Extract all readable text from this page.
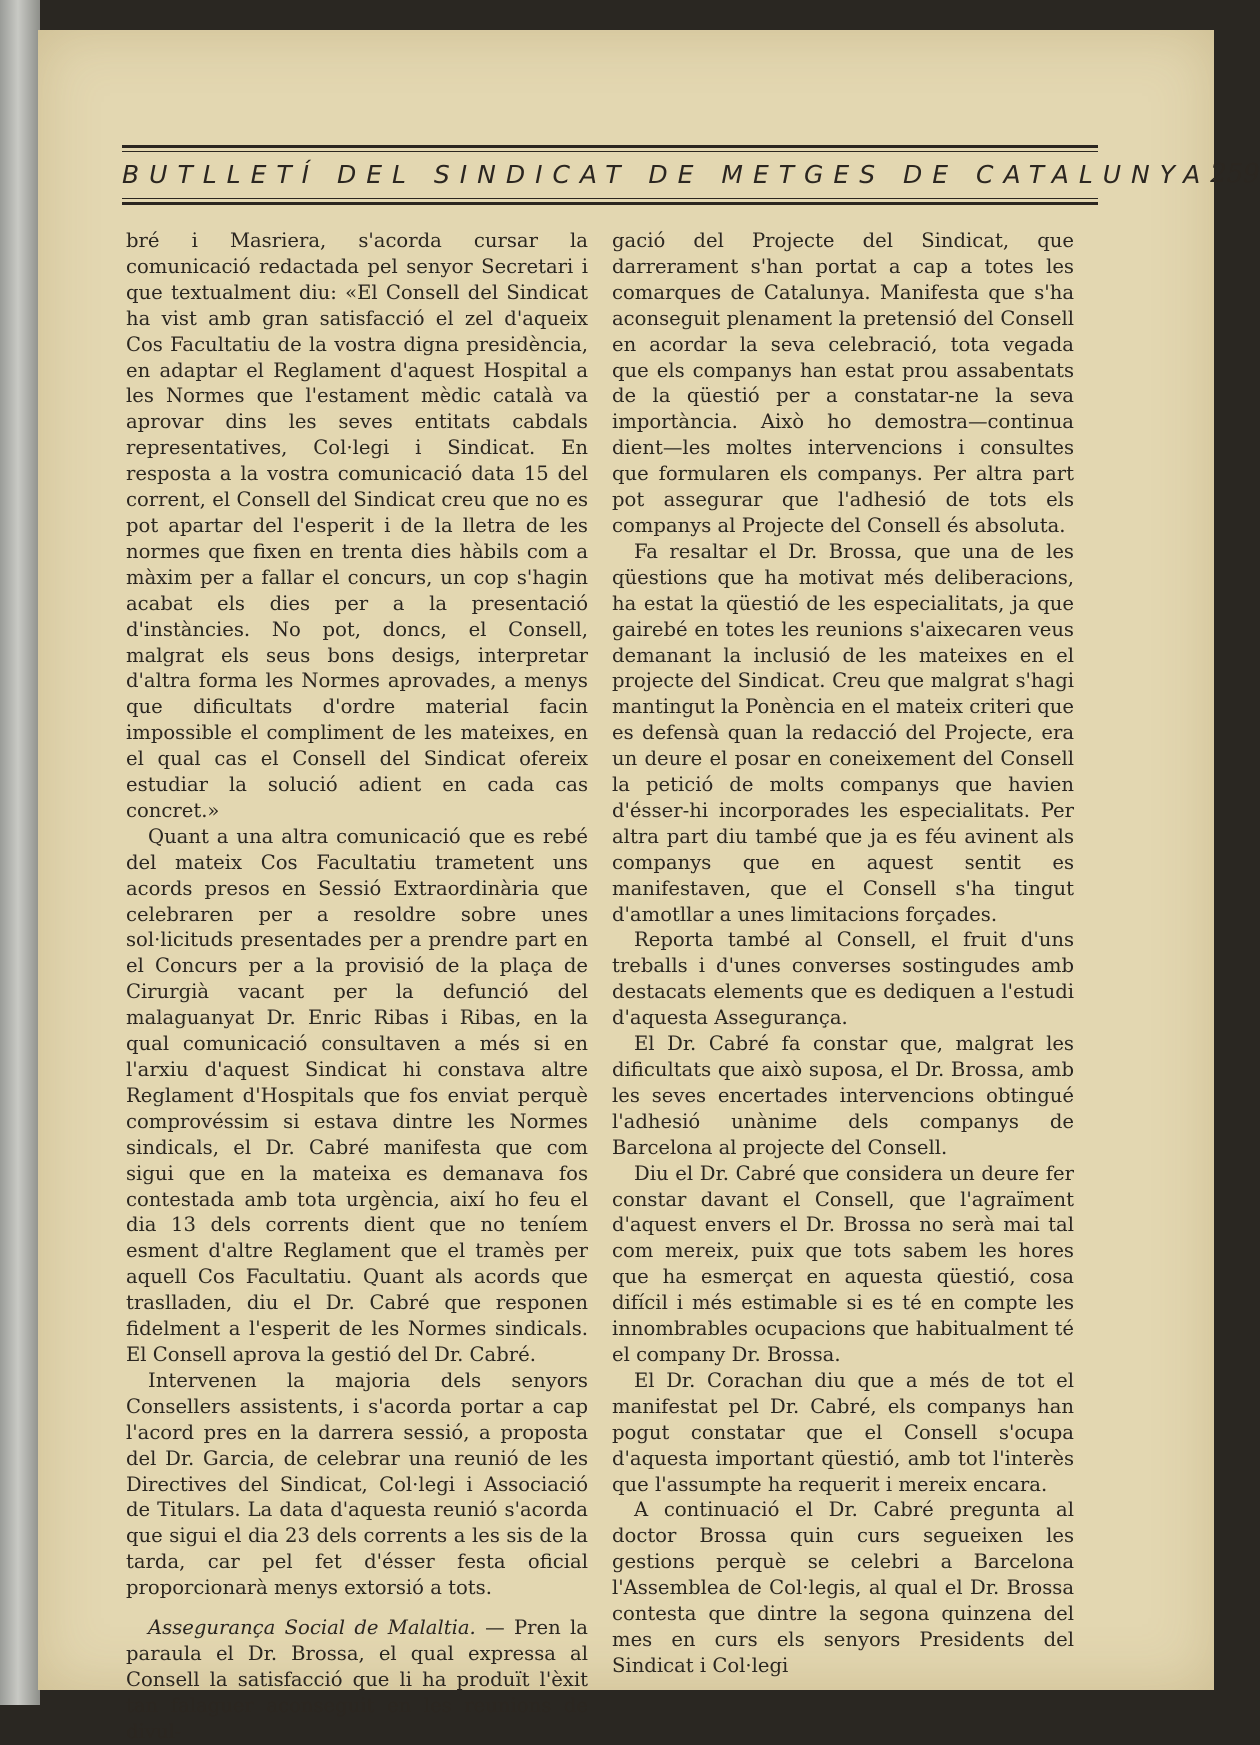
BUTLLETÍ DEL SINDICAT DE METGES DE CATALUNYA 259

bré i Masriera, s'acorda cursar la comunicació redactada pel senyor Secretari i que textualment diu: «El Consell del Sindicat ha vist amb gran satisfacció el zel d'aqueix Cos Facultatiu de la vostra digna presidència, en adaptar el Reglament d'aquest Hospital a les Normes que l'estament mèdic català va aprovar dins les seves entitats cabdals representatives, Col·legi i Sindicat. En resposta a la vostra comunicació data 15 del corrent, el Consell del Sindicat creu que no es pot apartar del l'esperit i de la lletra de les normes que fixen en trenta dies hàbils com a màxim per a fallar el concurs, un cop s'hagin acabat els dies per a la presentació d'instàncies. No pot, doncs, el Consell, malgrat els seus bons desigs, interpretar d'altra forma les Normes aprovades, a menys que dificultats d'ordre material facin impossible el compliment de les mateixes, en el qual cas el Consell del Sindicat ofereix estudiar la solució adient en cada cas concret.»

Quant a una altra comunicació que es rebé del mateix Cos Facultatiu trametent uns acords presos en Sessió Extraordinària que celebraren per a resoldre sobre unes sol·licituds presentades per a prendre part en el Concurs per a la provisió de la plaça de Cirurgià vacant per la defunció del malaguanyat Dr. Enric Ribas i Ribas, en la qual comunicació consultaven a més si en l'arxiu d'aquest Sindicat hi constava altre Reglament d'Hospitals que fos enviat perquè comprovéssim si estava dintre les Normes sindicals, el Dr. Cabré manifesta que com sigui que en la mateixa es demanava fos contestada amb tota urgència, així ho feu el dia 13 dels corrents dient que no teníem esment d'altre Reglament que el tramès per aquell Cos Facultatiu. Quant als acords que traslladen, diu el Dr. Cabré que responen fidelment a l'esperit de les Normes sindicals. El Consell aprova la gestió del Dr. Cabré.

Intervenen la majoria dels senyors Consellers assistents, i s'acorda portar a cap l'acord pres en la darrera sessió, a proposta del Dr. Garcia, de celebrar una reunió de les Directives del Sindicat, Col·legi i Associació de Titulars. La data d'aquesta reunió s'acorda que sigui el dia 23 dels corrents a les sis de la tarda, car pel fet d'ésser festa oficial proporcionarà menys extorsió a tots.

Assegurança Social de Malaltia. — Pren la paraula el Dr. Brossa, el qual expressa al Consell la satisfacció que li ha produït l'èxit tan falaguer aconseguit en les reunions de divul-

gació del Projecte del Sindicat, que darrerament s'han portat a cap a totes les comarques de Catalunya. Manifesta que s'ha aconseguit plenament la pretensió del Consell en acordar la seva celebració, tota vegada que els companys han estat prou assabentats de la qüestió per a constatar-ne la seva importància. Això ho demostra—continua dient—les moltes intervencions i consultes que formularen els companys. Per altra part pot assegurar que l'adhesió de tots els companys al Projecte del Consell és absoluta.

Fa resaltar el Dr. Brossa, que una de les qüestions que ha motivat més deliberacions, ha estat la qüestió de les especialitats, ja que gairebé en totes les reunions s'aixecaren veus demanant la inclusió de les mateixes en el projecte del Sindicat. Creu que malgrat s'hagi mantingut la Ponència en el mateix criteri que es defensà quan la redacció del Projecte, era un deure el posar en coneixement del Consell la petició de molts companys que havien d'ésser-hi incorporades les especialitats. Per altra part diu també que ja es féu avinent als companys que en aquest sentit es manifestaven, que el Consell s'ha tingut d'amotllar a unes limitacions forçades.

Reporta també al Consell, el fruit d'uns treballs i d'unes converses sostingudes amb destacats elements que es dediquen a l'estudi d'aquesta Assegurança.

El Dr. Cabré fa constar que, malgrat les dificultats que això suposa, el Dr. Brossa, amb les seves encertades intervencions obtingué l'adhesió unànime dels companys de Barcelona al projecte del Consell.

Diu el Dr. Cabré que considera un deure fer constar davant el Consell, que l'agraïment d'aquest envers el Dr. Brossa no serà mai tal com mereix, puix que tots sabem les hores que ha esmerçat en aquesta qüestió, cosa difícil i més estimable si es té en compte les innombrables ocupacions que habitualment té el company Dr. Brossa.

El Dr. Corachan diu que a més de tot el manifestat pel Dr. Cabré, els companys han pogut constatar que el Consell s'ocupa d'aquesta important qüestió, amb tot l'interès que l'assumpte ha requerit i mereix encara.

A continuació el Dr. Cabré pregunta al doctor Brossa quin curs segueixen les gestions perquè se celebri a Barcelona l'Assemblea de Col·legis, al qual el Dr. Brossa contesta que dintre la segona quinzena del mes en curs els senyors Presidents del Sindicat i Col·legi
